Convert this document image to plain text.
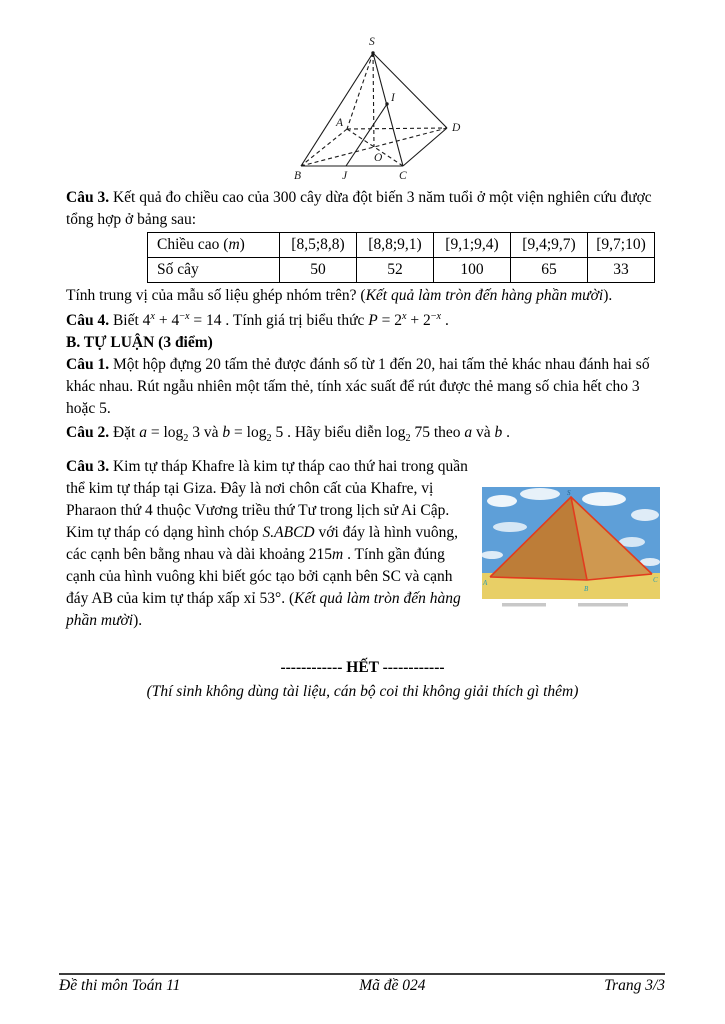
S
I
A	D
B	J	C
O

Câu 3. Kết quả đo chiều cao của 300 cây dừa đột biến 3 năm tuổi ở một viện nghiên cứu được tổng hợp ở bảng sau:

Chiều cao (m)	[8,5;8,8)	[8,8;9,1)	[9,1;9,4)	[9,4;9,7)	[9,7;10)
Số cây	50	52	100	65	33

Tính trung vị của mẫu số liệu ghép nhóm trên? (Kết quả làm tròn đến hàng phần mười).

Câu 4. Biết $4^x + 4^{-x} = 14$ . Tính giá trị biểu thức $P = 2^x + 2^{-x}$ .

B. TỰ LUẬN (3 điểm)

Câu 1. Một hộp đựng 20 tấm thẻ được đánh số từ 1 đến 20, hai tấm thẻ khác nhau đánh hai số khác nhau. Rút ngẫu nhiên một tấm thẻ, tính xác suất để rút được thẻ mang số chia hết cho 3 hoặc 5.

Câu 2. Đặt $a = \log_2 3$ và $b = \log_2 5$ . Hãy biểu diễn $\log_2 75$ theo a và b .

Câu 3. Kim tự tháp Khafre là kim tự tháp cao thứ hai trong quần thể kim tự tháp tại Giza. Đây là nơi chôn cất của Khafre, vị Pharaon thứ 4 thuộc Vương triều thứ Tư trong lịch sử Ai Cập. Kim tự tháp có dạng hình chóp S.ABCD với đáy là hình vuông, các cạnh bên bằng nhau và dài khoảng 215m . Tính gần đúng cạnh của hình vuông khi biết góc tạo bởi cạnh bên SC và cạnh đáy AB của kim tự tháp xấp xỉ 53°. (Kết quả làm tròn đến hàng phần mười).

S
A
B
C

------------ HẾT ------------

(Thí sinh không dùng tài liệu, cán bộ coi thi không giải thích gì thêm)

Đề thi môn Toán 11	Mã đề 024	Trang 3/3
